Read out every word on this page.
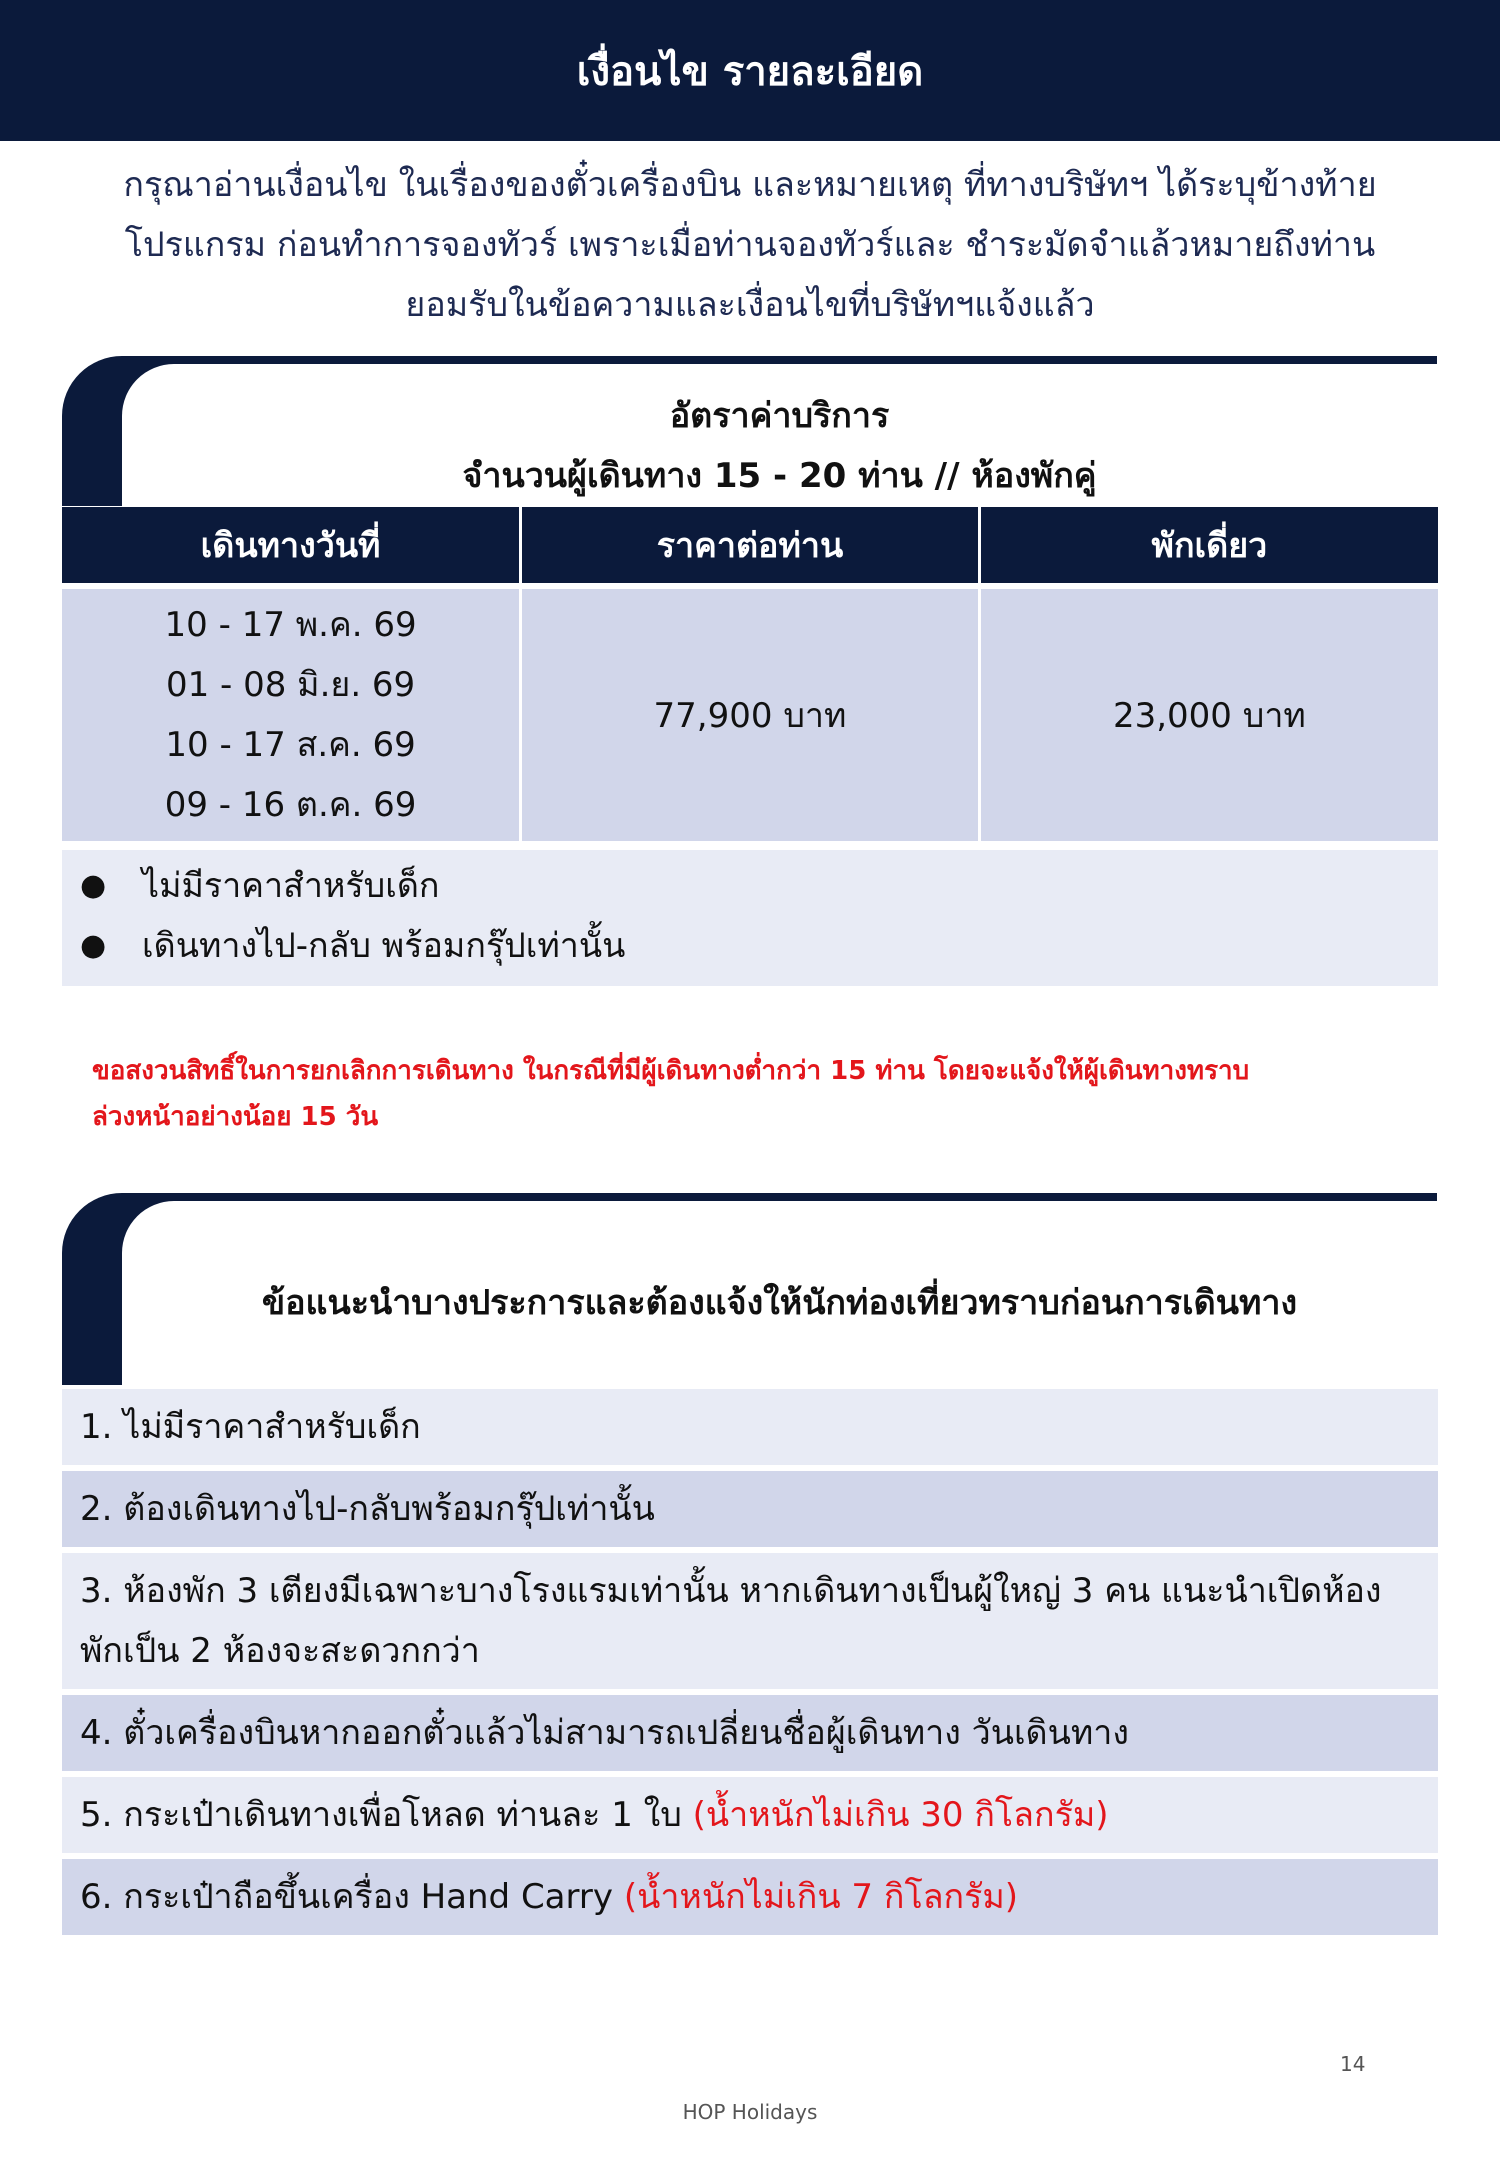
เงื่อนไข รายละเอียด
กรุณาอ่านเงื่อนไข ในเรื่องของตั๋วเครื่องบิน และหมายเหตุ ที่ทางบริษัทฯ ได้ระบุข้างท้าย
โปรแกรม ก่อนทำการจองทัวร์ เพราะเมื่อท่านจองทัวร์และ ชำระมัดจำแล้วหมายถึงท่าน
ยอมรับในข้อความและเงื่อนไขที่บริษัทฯแจ้งแล้ว
อัตราค่าบริการ
จำนวนผู้เดินทาง 15 - 20 ท่าน // ห้องพักคู่
เดินทางวันที่	ราคาต่อท่าน	พักเดี่ยว

10 - 17 พ.ค. 69
01 - 08 มิ.ย. 69
10 - 17 ส.ค. 69
09 - 16 ต.ค. 69	77,900 บาท	23,000 บาท
● ไม่มีราคาสำหรับเด็ก
● เดินทางไป-กลับ พร้อมกรุ๊ปเท่านั้น
ขอสงวนสิทธิ์ในการยกเลิกการเดินทาง ในกรณีที่มีผู้เดินทางต่ำกว่า 15 ท่าน โดยจะแจ้งให้ผู้เดินทางทราบ
ล่วงหน้าอย่างน้อย 15 วัน
ข้อแนะนำบางประการและต้องแจ้งให้นักท่องเที่ยวทราบก่อนการเดินทาง
1. ไม่มีราคาสำหรับเด็ก
2. ต้องเดินทางไป-กลับพร้อมกรุ๊ปเท่านั้น
3. ห้องพัก 3 เตียงมีเฉพาะบางโรงแรมเท่านั้น หากเดินทางเป็นผู้ใหญ่ 3 คน แนะนำเปิดห้องพักเป็น 2 ห้องจะสะดวกกว่า
4. ตั๋วเครื่องบินหากออกตั๋วแล้วไม่สามารถเปลี่ยนชื่อผู้เดินทาง วันเดินทาง
5. กระเป๋าเดินทางเพื่อโหลด ท่านละ 1 ใบ (น้ำหนักไม่เกิน 30 กิโลกรัม)
6. กระเป๋าถือขึ้นเครื่อง Hand Carry (น้ำหนักไม่เกิน 7 กิโลกรัม)
14
HOP Holidays
